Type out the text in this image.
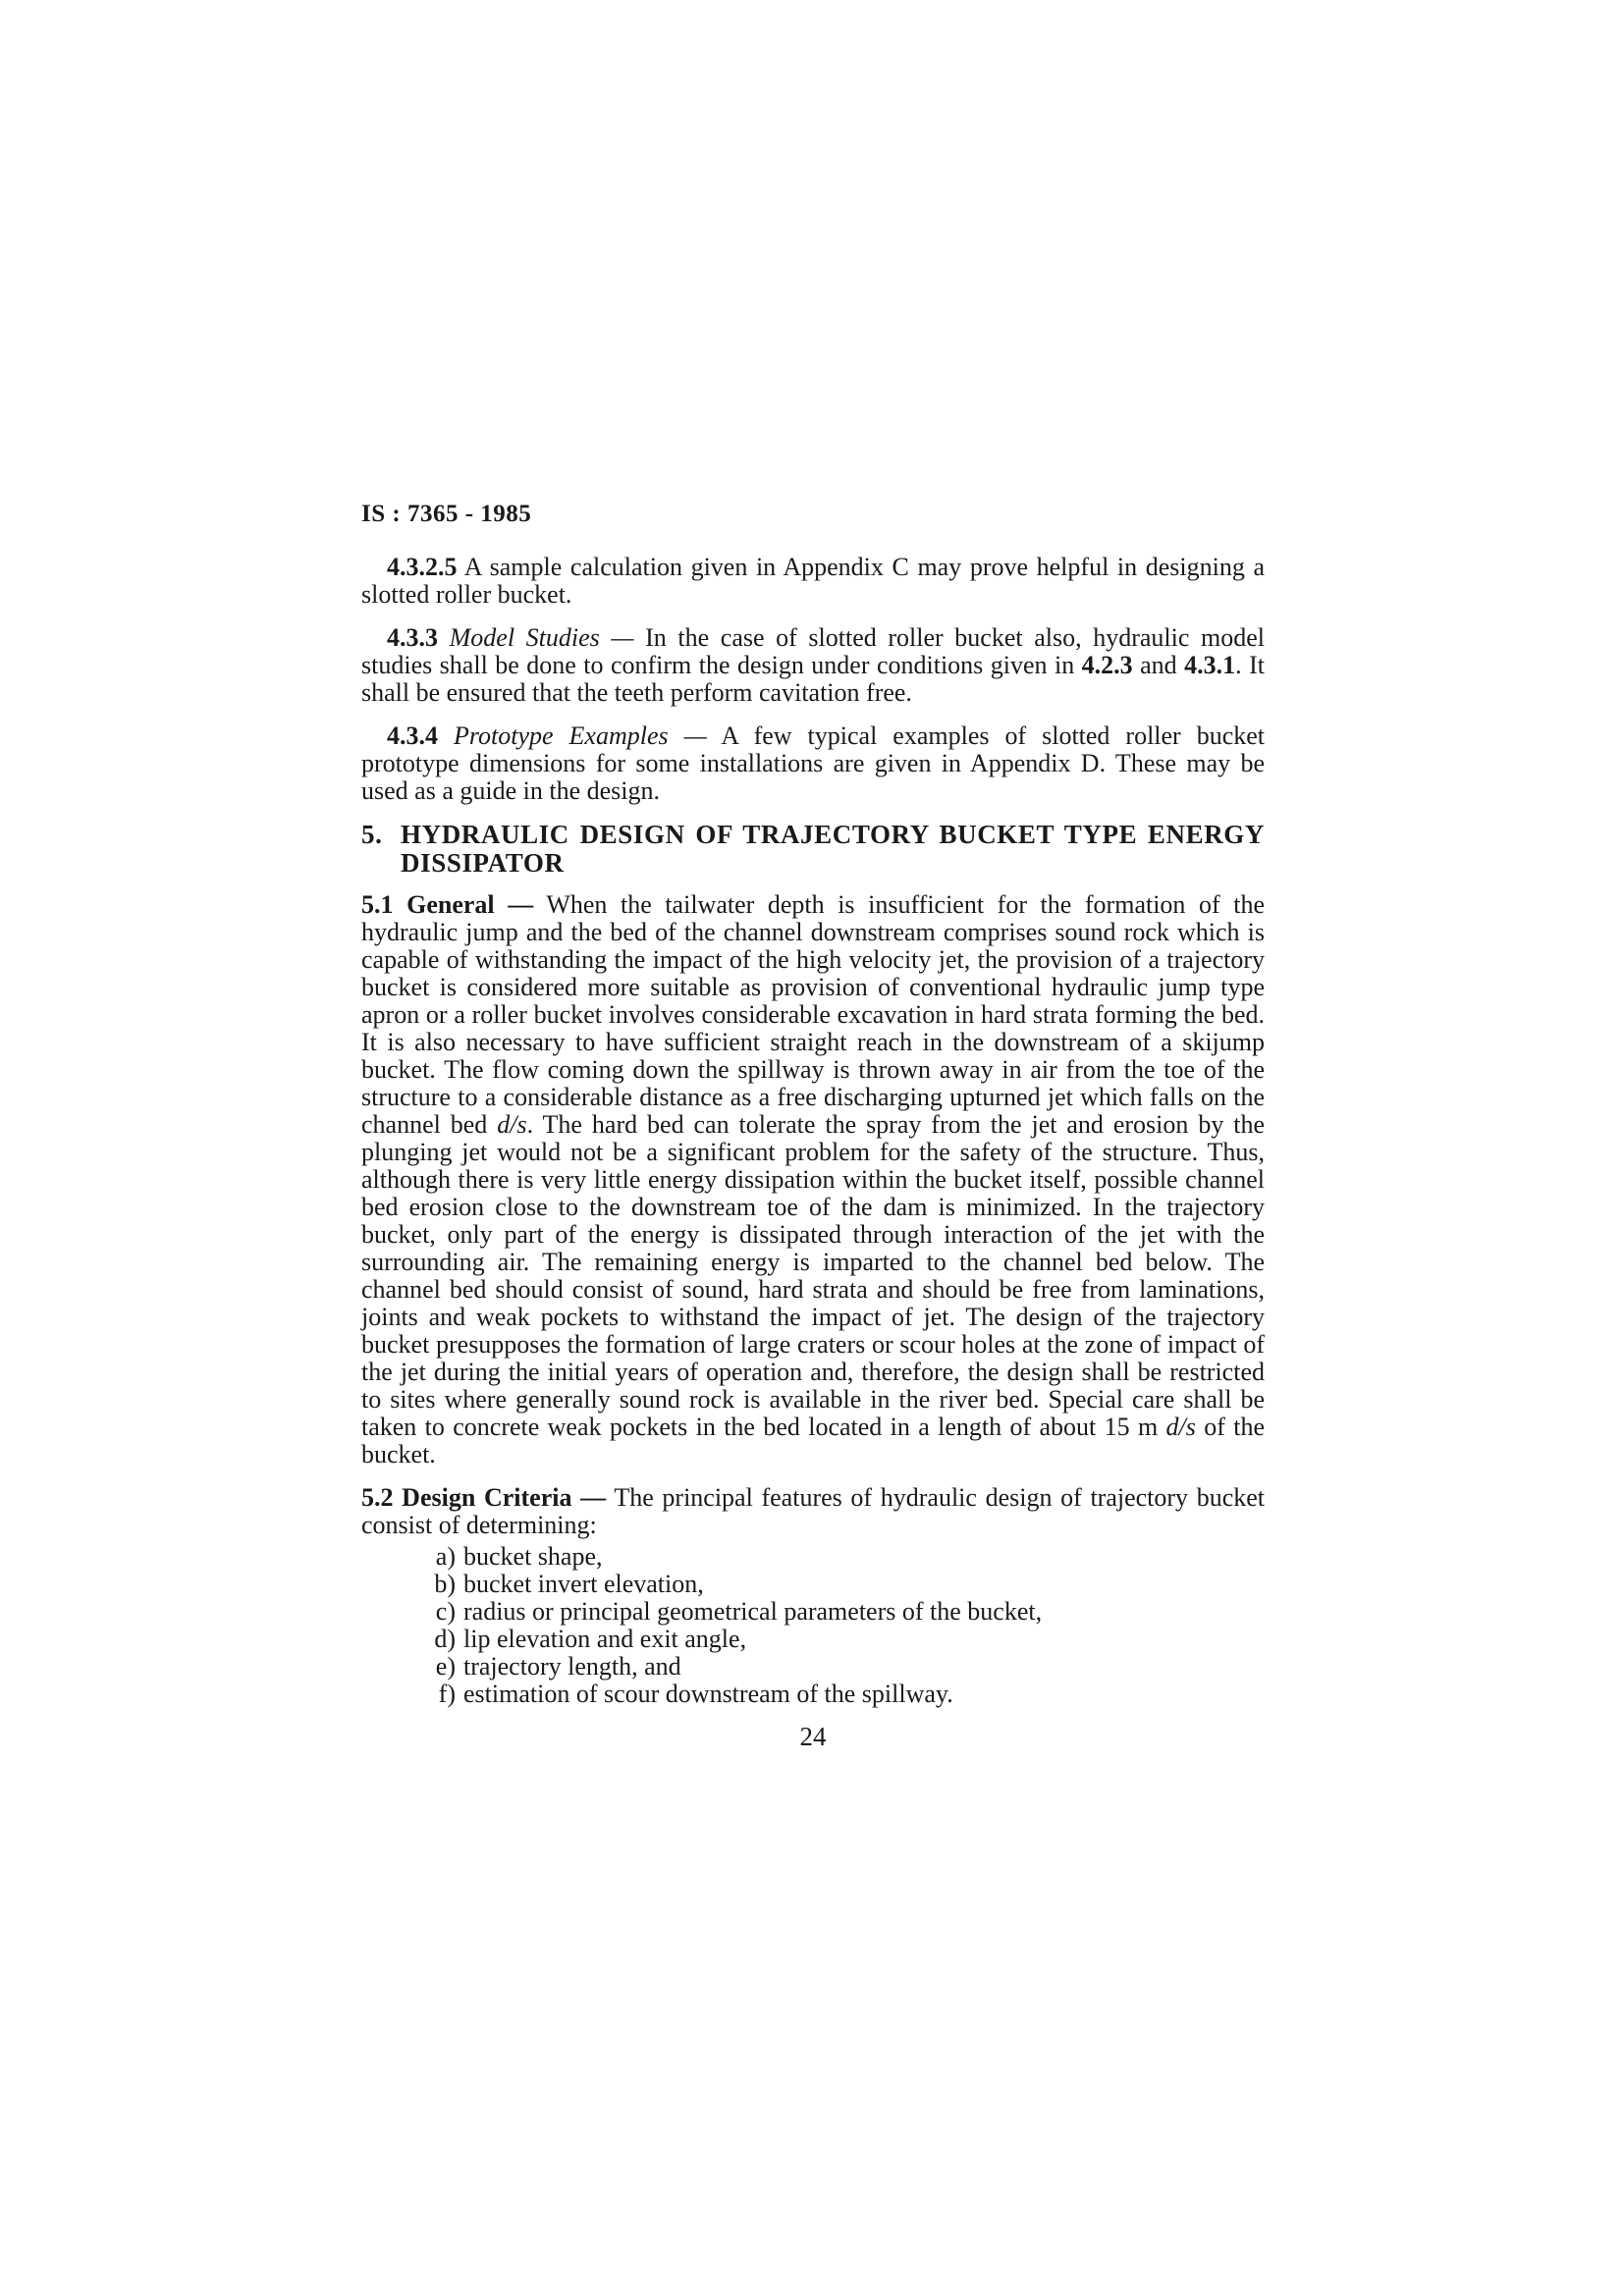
IS : 7365 - 1985

4.3.2.5 A sample calculation given in Appendix C may prove helpful in designing a slotted roller bucket.

4.3.3 Model Studies — In the case of slotted roller bucket also, hydraulic model studies shall be done to confirm the design under conditions given in 4.2.3 and 4.3.1. It shall be ensured that the teeth perform cavitation free.

4.3.4 Prototype Examples — A few typical examples of slotted roller bucket prototype dimensions for some installations are given in Appendix D. These may be used as a guide in the design.

5. HYDRAULIC DESIGN OF TRAJECTORY BUCKET TYPE ENERGY DISSIPATOR

5.1 General — When the tailwater depth is insufficient for the formation of the hydraulic jump and the bed of the channel downstream comprises sound rock which is capable of withstanding the impact of the high velocity jet, the provision of a trajectory bucket is considered more suitable as provision of conventional hydraulic jump type apron or a roller bucket involves considerable excavation in hard strata forming the bed. It is also necessary to have sufficient straight reach in the downstream of a skijump bucket. The flow coming down the spillway is thrown away in air from the toe of the structure to a considerable distance as a free discharging upturned jet which falls on the channel bed d/s. The hard bed can tolerate the spray from the jet and erosion by the plunging jet would not be a significant problem for the safety of the structure. Thus, although there is very little energy dissipation within the bucket itself, possible channel bed erosion close to the downstream toe of the dam is minimized. In the trajectory bucket, only part of the energy is dissipated through interaction of the jet with the surrounding air. The remaining energy is imparted to the channel bed below. The channel bed should consist of sound, hard strata and should be free from laminations, joints and weak pockets to withstand the impact of jet. The design of the trajectory bucket presupposes the formation of large craters or scour holes at the zone of impact of the jet during the initial years of operation and, therefore, the design shall be restricted to sites where generally sound rock is available in the river bed. Special care shall be taken to concrete weak pockets in the bed located in a length of about 15 m d/s of the bucket.

5.2 Design Criteria — The principal features of hydraulic design of trajectory bucket consist of determining:

a) bucket shape,
b) bucket invert elevation,
c) radius or principal geometrical parameters of the bucket,
d) lip elevation and exit angle,
e) trajectory length, and
f) estimation of scour downstream of the spillway.
24
